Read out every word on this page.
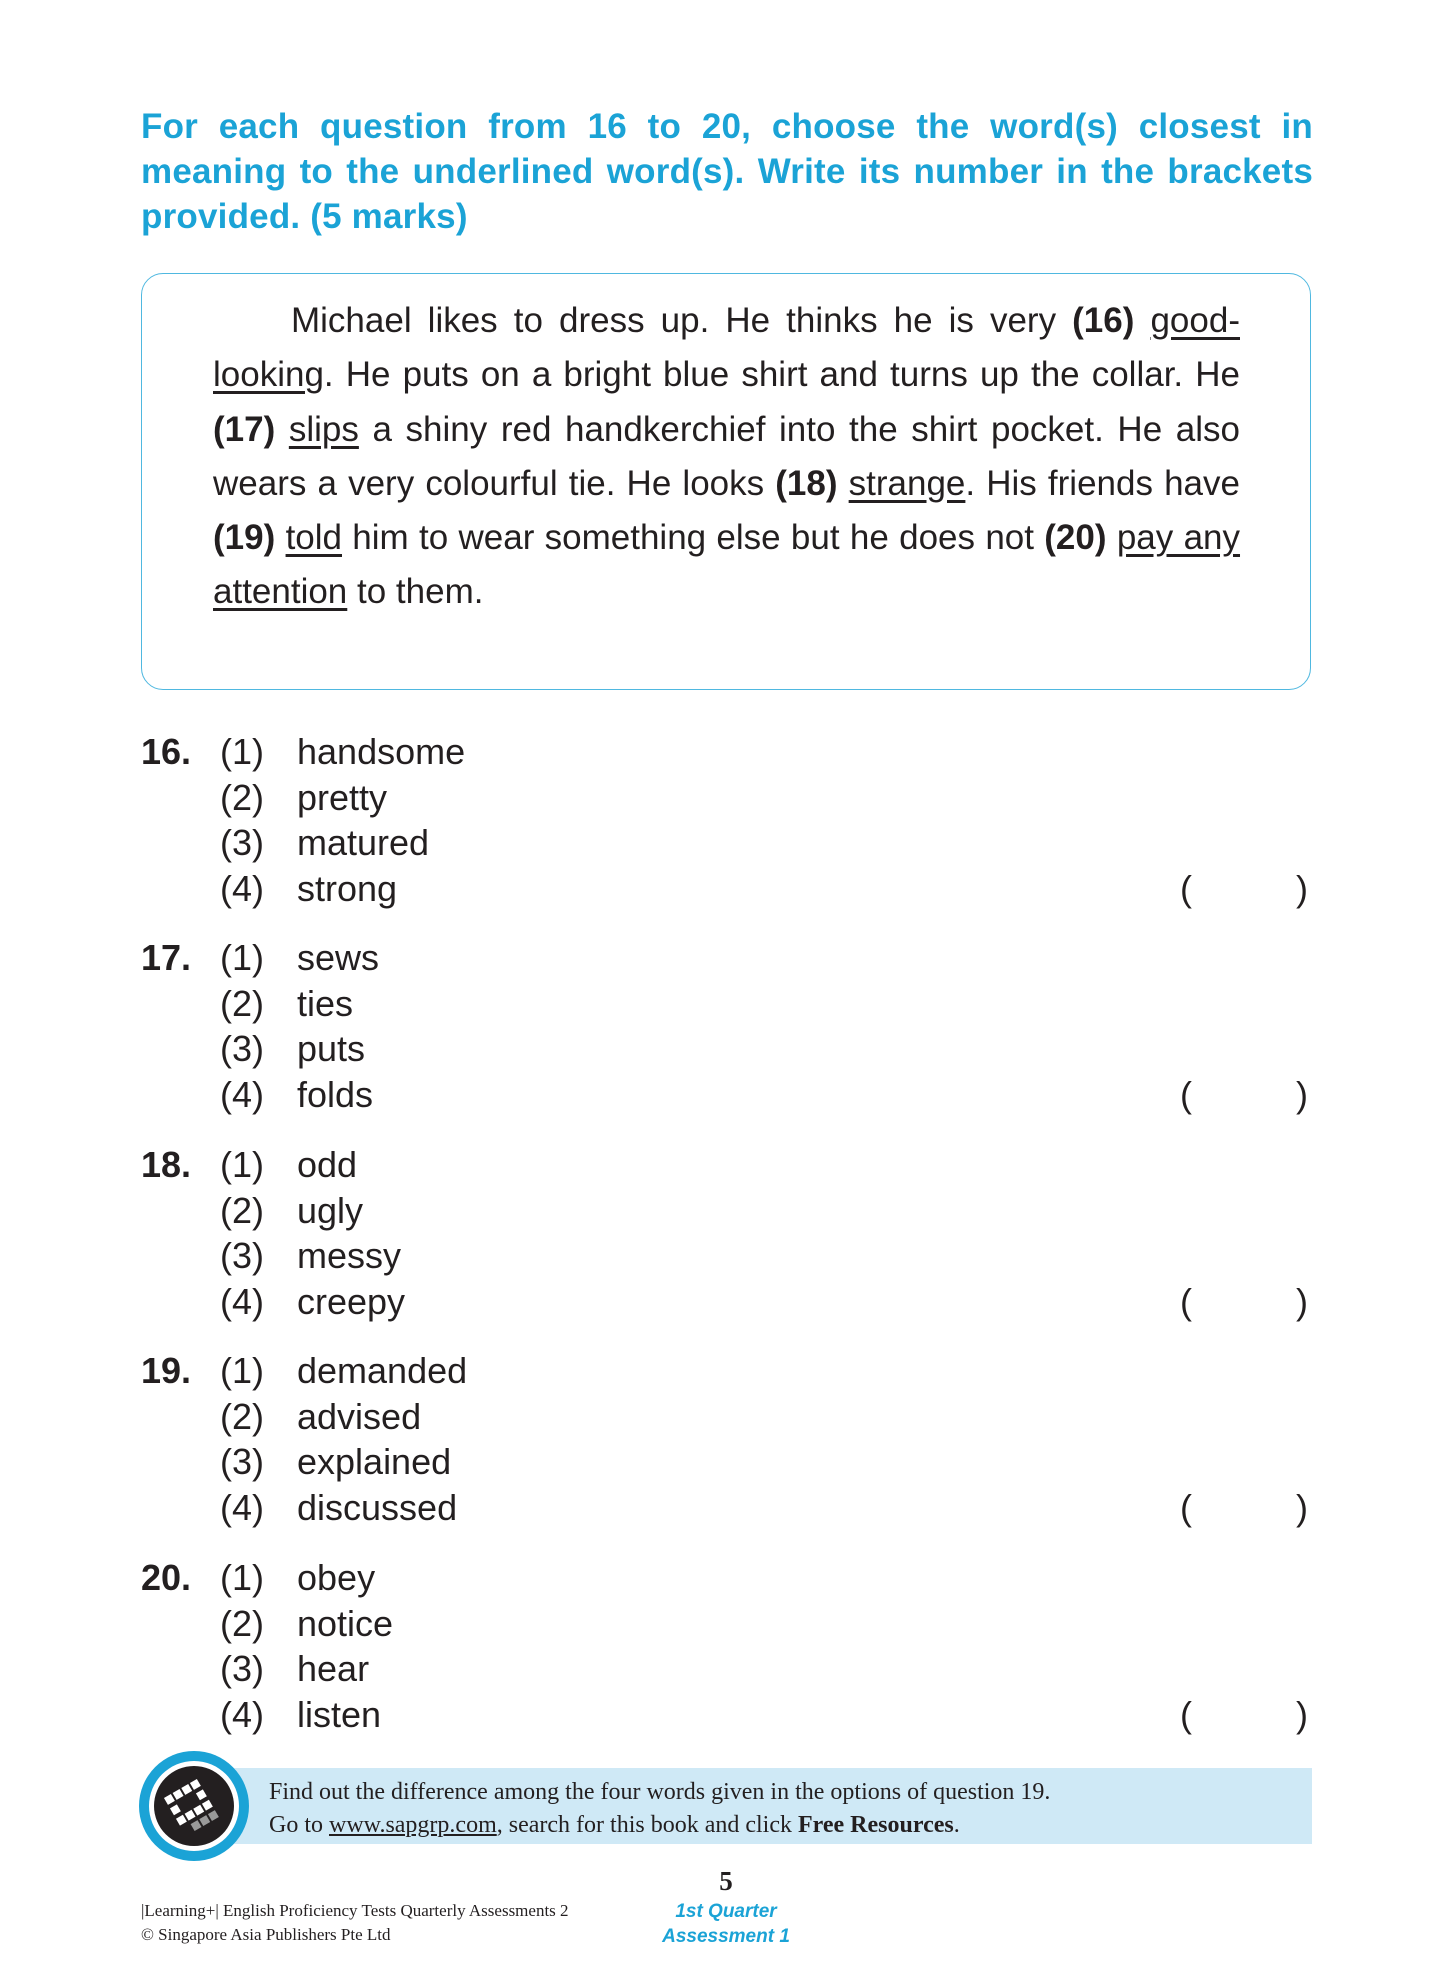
For each question from 16 to 20, choose the word(s) closest in meaning to the underlined word(s). Write its number in the brackets provided. (5 marks)
Michael likes to dress up. He thinks he is very (16) good-looking. He puts on a bright blue shirt and turns up the collar. He (17) slips a shiny red handkerchief into the shirt pocket. He also wears a very colourful tie. He looks (18) strange. His friends have (19) told him to wear something else but he does not (20) pay any attention to them.
Find out the difference among the four words given in the options of question 19.
Go to www.sapgrp.com, search for this book and click Free Resources.
5
|Learning+| English Proficiency Tests Quarterly Assessments 2
© Singapore Asia Publishers Pte Ltd
1st Quarter
Assessment 1
16. (1) handsome
(2) pretty
(3) matured
(4) strong	(	)
17. (1) sews
(2) ties
(3) puts
(4) folds	(	)
18. (1) odd
(2) ugly
(3) messy
(4) creepy	(	)
19. (1) demanded
(2) advised
(3) explained
(4) discussed	(	)
20. (1) obey
(2) notice
(3) hear
(4) listen	(	)
